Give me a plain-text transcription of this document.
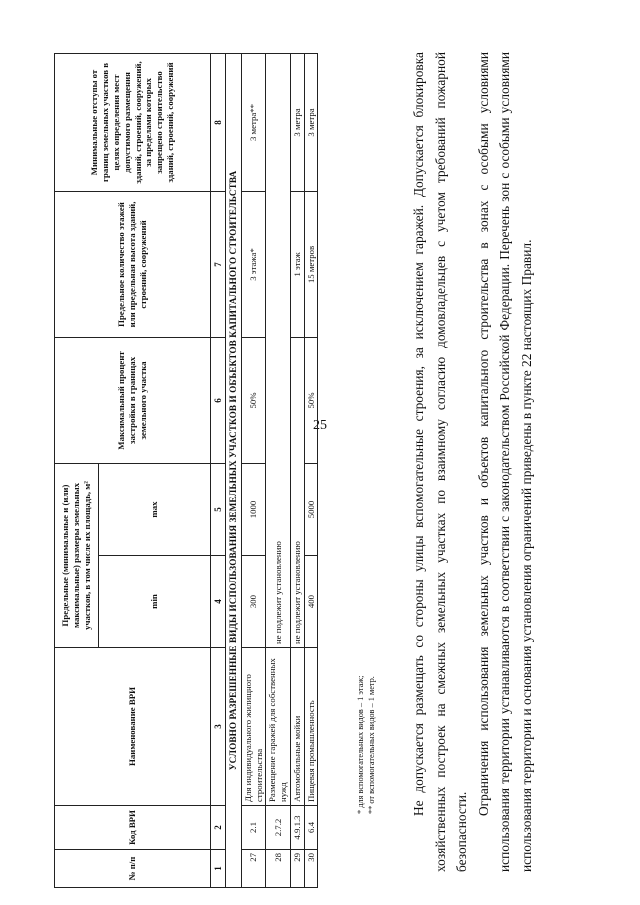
25
№ п/п	Код ВРИ	Наименование ВРИ	Предельные (минимальные и (или) максимальные) размеры земельных участков, в том числе их площадь, м²		Максимальный процент застройки в границах земельного участка	Предельное количество этажей или предельная высота зданий, строений, сооружений	Минимальные отступы от границ земельных участков в целях определения мест допустимого размещения зданий, строений, сооружений, за пределами которых запрещено строительство зданий, строений, сооружений
			min	max			
1	2	3	4	5	6	7	8
УСЛОВНО РАЗРЕШЕННЫЕ ВИДЫ ИСПОЛЬЗОВАНИЯ ЗЕМЕЛЬНЫХ УЧАСТКОВ И ОБЪЕКТОВ КАПИТАЛЬНОГО СТРОИТЕЛЬСТВА							
27	2.1	Для индивидуального жилищного строительства	300	1000	50%	3 этажа*	3 метра**
28	2.7.2	Размещение гаражей для собственных нужд	не подлежит установлению				
29	4.9.1.3	Автомобильные мойки	не подлежит установлению			1 этаж	3 метра
30	6.4	Пищевая промышленность	400	5000	50%	15 метров	3 метра
* для вспомогательных видов – 1 этаж; ** от вспомогательных видов – 1 метр.	Не допускается размещать со стороны улицы вспомогательные строения, за исключением гаражей. Допускается блокировка хозяйственных построек на смежных земельных участках по взаимному согласию домовладельцев с учетом требований пожарной безопасности.

Ограничения использования земельных участков и объектов капитального строительства в зонах с особыми условиями использования территории устанавливаются в соответствии с законодательством Российской Федерации. Перечень зон с особыми условиями использования территории и основания установления ограничений приведены в пункте 22 настоящих Правил.
